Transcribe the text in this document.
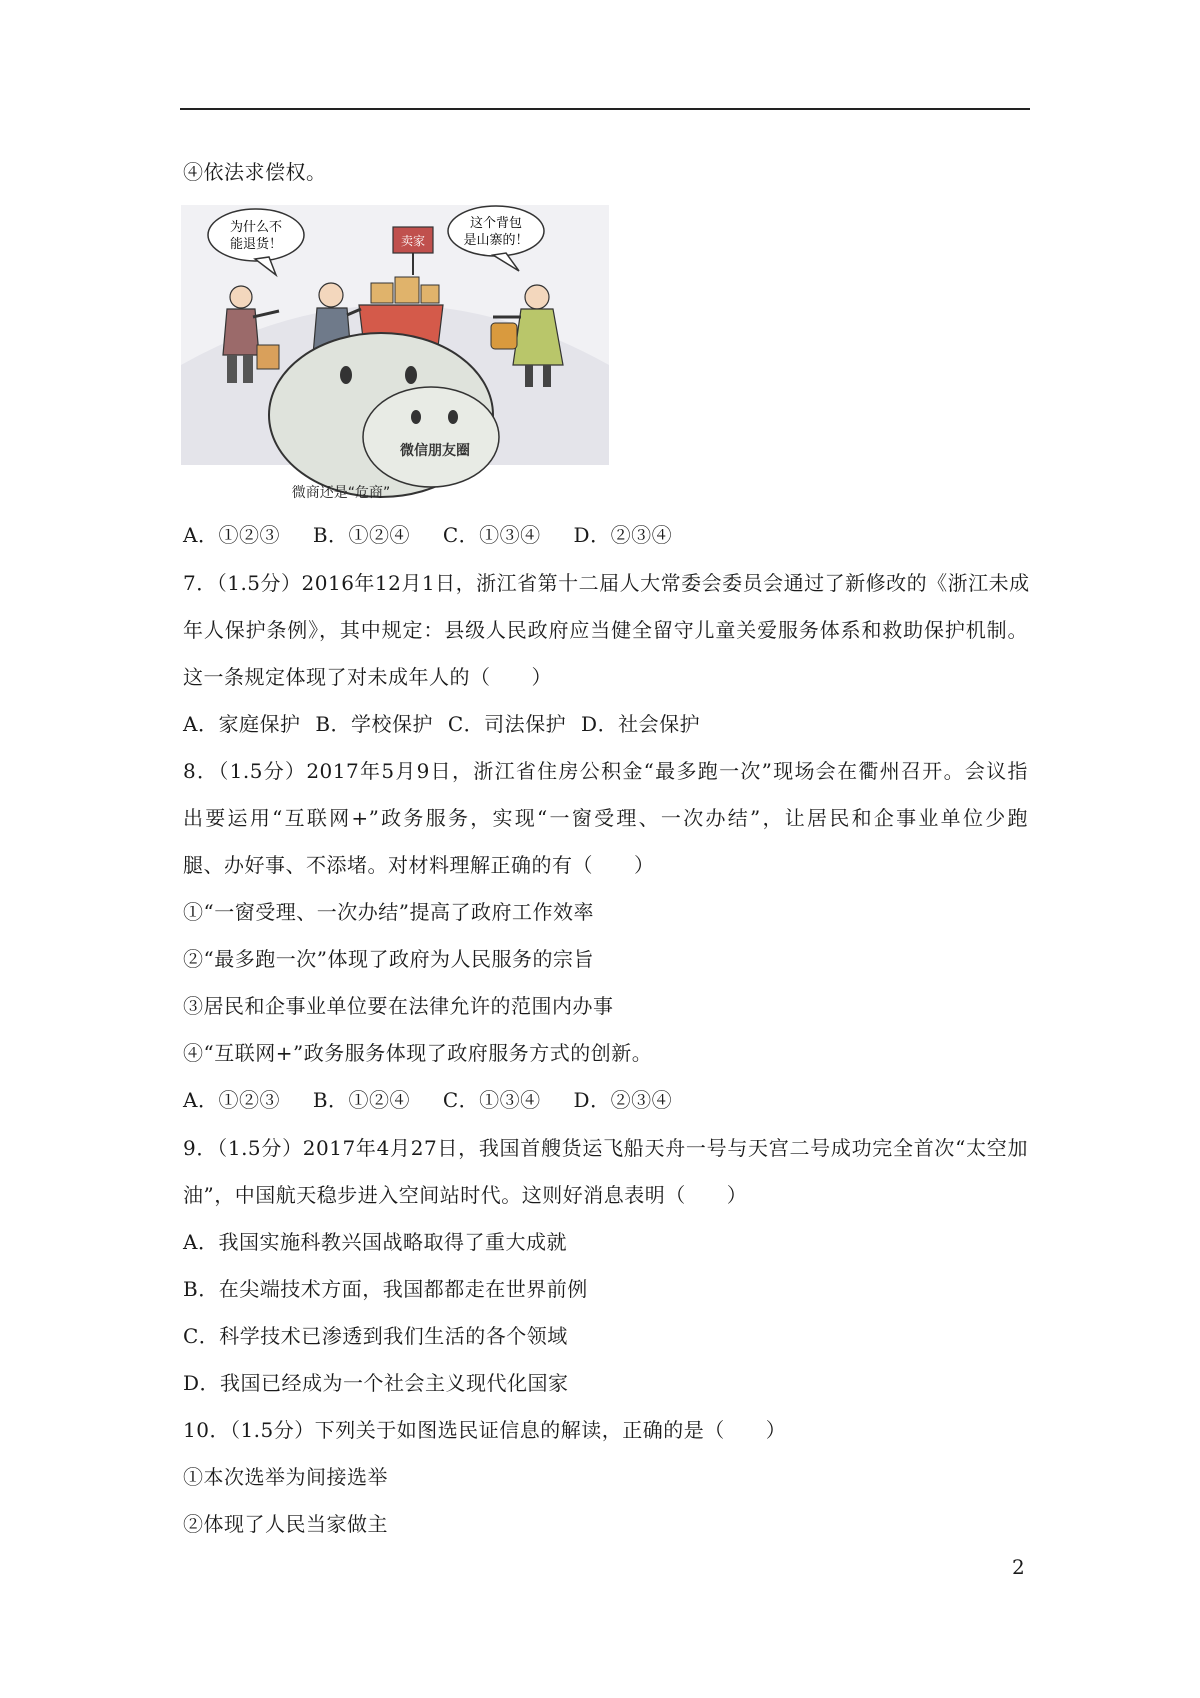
④依法求偿权。
为什么不
能退货！
这个背包
是山寨的！
卖家
微信朋友圈
微商还是“危商”
A．①②③ B．①②④ C．①③④ D．②③④
7．（1.5分）2016年12月1日，浙江省第十二届人大常委会委员会通过了新修改的《浙江未成
年人保护条例》，其中规定：县级人民政府应当健全留守儿童关爱服务体系和救助保护机制。
这一条规定体现了对未成年人的（　　）
A．家庭保护 B．学校保护 C．司法保护 D．社会保护
8．（1.5分）2017年5月9日，浙江省住房公积金“最多跑一次”现场会在衢州召开。会议指
出要运用“互联网+”政务服务，实现“一窗受理、一次办结”，让居民和企事业单位少跑
腿、办好事、不添堵。对材料理解正确的有（　　）
①“一窗受理、一次办结”提高了政府工作效率
②“最多跑一次”体现了政府为人民服务的宗旨
③居民和企事业单位要在法律允许的范围内办事
④“互联网+”政务服务体现了政府服务方式的创新。
A．①②③ B．①②④ C．①③④ D．②③④
9．（1.5分）2017年4月27日，我国首艘货运飞船天舟一号与天宫二号成功完全首次“太空加
油”，中国航天稳步进入空间站时代。这则好消息表明（　　）
A．我国实施科教兴国战略取得了重大成就
B．在尖端技术方面，我国都都走在世界前例
C．科学技术已渗透到我们生活的各个领域
D．我国已经成为一个社会主义现代化国家
10．（1.5分）下列关于如图选民证信息的解读，正确的是（　　）
①本次选举为间接选举
②体现了人民当家做主
2
